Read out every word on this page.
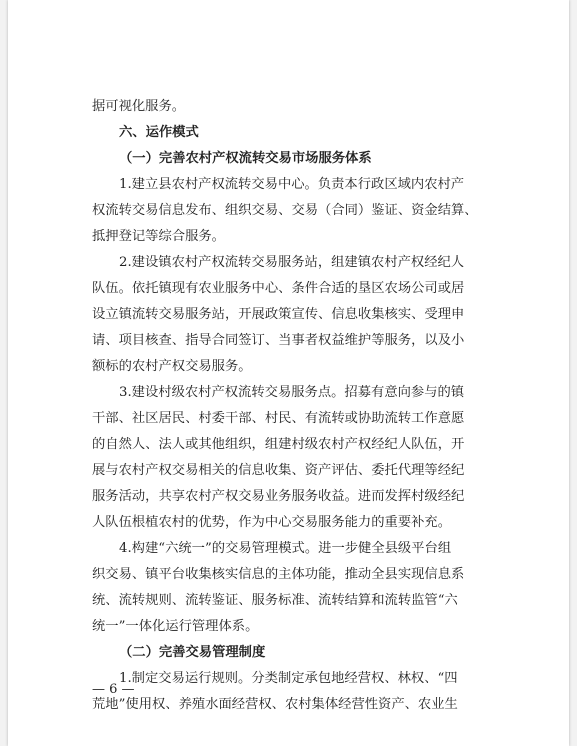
据可视化服务。
六、运作模式
（一）完善农村产权流转交易市场服务体系
1.建立县农村产权流转交易中心。负责本行政区域内农村产
权流转交易信息发布、组织交易、交易（合同）鉴证、资金结算、
抵押登记等综合服务。
2.建设镇农村产权流转交易服务站，组建镇农村产权经纪人
队伍。依托镇现有农业服务中心、条件合适的垦区农场公司或居
设立镇流转交易服务站，开展政策宣传、信息收集核实、受理申
请、项目核查、指导合同签订、当事者权益维护等服务，以及小
额标的农村产权交易服务。
3.建设村级农村产权流转交易服务点。招募有意向参与的镇
干部、社区居民、村委干部、村民、有流转或协助流转工作意愿
的自然人、法人或其他组织，组建村级农村产权经纪人队伍，开
展与农村产权交易相关的信息收集、资产评估、委托代理等经纪
服务活动，共享农村产权交易业务服务收益。进而发挥村级经纪
人队伍根植农村的优势，作为中心交易服务能力的重要补充。
4.构建“六统一”的交易管理模式。进一步健全县级平台组
织交易、镇平台收集核实信息的主体功能，推动全县实现信息系
统、流转规则、流转鉴证、服务标准、流转结算和流转监管“六
统一”一体化运行管理体系。
（二）完善交易管理制度
1.制定交易运行规则。分类制定承包地经营权、林权、“四
荒地”使用权、养殖水面经营权、农村集体经营性资产、农业生
— 6 —
